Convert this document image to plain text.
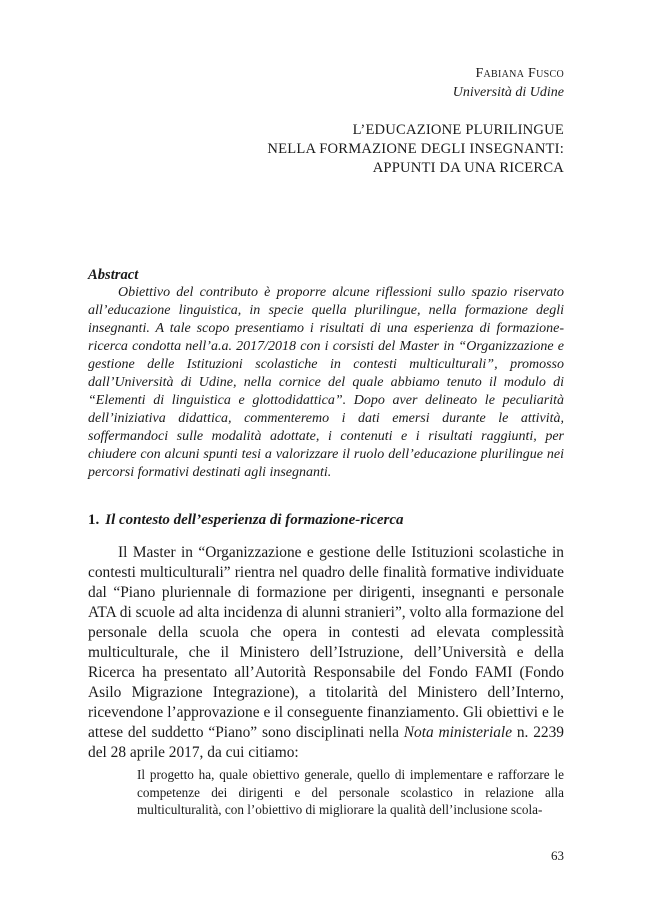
Fabiana Fusco
Università di Udine
L’EDUCAZIONE PLURILINGUE
NELLA FORMAZIONE DEGLI INSEGNANTI:
APPUNTI DA UNA RICERCA
Abstract

Obiettivo del contributo è proporre alcune riflessioni sullo spazio riservato all’educazione linguistica, in specie quella plurilingue, nella formazione degli insegnanti. A tale scopo presentiamo i risultati di una esperienza di formazione-ricerca condotta nell’a.a. 2017/2018 con i corsisti del Master in “Organizzazione e gestione delle Istituzioni scolastiche in contesti multiculturali”, promosso dall’Università di Udine, nella cornice del quale abbiamo tenuto il modulo di “Elementi di linguistica e glottodidattica”. Dopo aver delineato le peculiarità dell’iniziativa didattica, commenteremo i dati emersi durante le attività, soffermandoci sulle modalità adottate, i contenuti e i risultati raggiunti, per chiudere con alcuni spunti tesi a valorizzare il ruolo dell’educazione plurilingue nei percorsi formativi destinati agli insegnanti.

1. Il contesto dell’esperienza di formazione-ricerca

Il Master in “Organizzazione e gestione delle Istituzioni scolastiche in contesti multiculturali” rientra nel quadro delle finalità formative individuate dal “Piano pluriennale di formazione per dirigenti, insegnanti e personale ATA di scuole ad alta incidenza di alunni stranieri”, volto alla formazione del personale della scuola che opera in contesti ad elevata complessità multiculturale, che il Ministero dell’Istruzione, dell’Università e della Ricerca ha presentato all’Autorità Responsabile del Fondo FAMI (Fondo Asilo Migrazione Integrazione), a titolarità del Ministero dell’Interno, ricevendone l’approvazione e il conseguente finanziamento. Gli obiettivi e le attese del suddetto “Piano” sono disciplinati nella Nota ministeriale n. 2239 del 28 aprile 2017, da cui citiamo:

Il progetto ha, quale obiettivo generale, quello di implementare e rafforzare le competenze dei dirigenti e del personale scolastico in relazione alla multiculturalità, con l’obiettivo di migliorare la qualità dell’inclusione scola-

63
